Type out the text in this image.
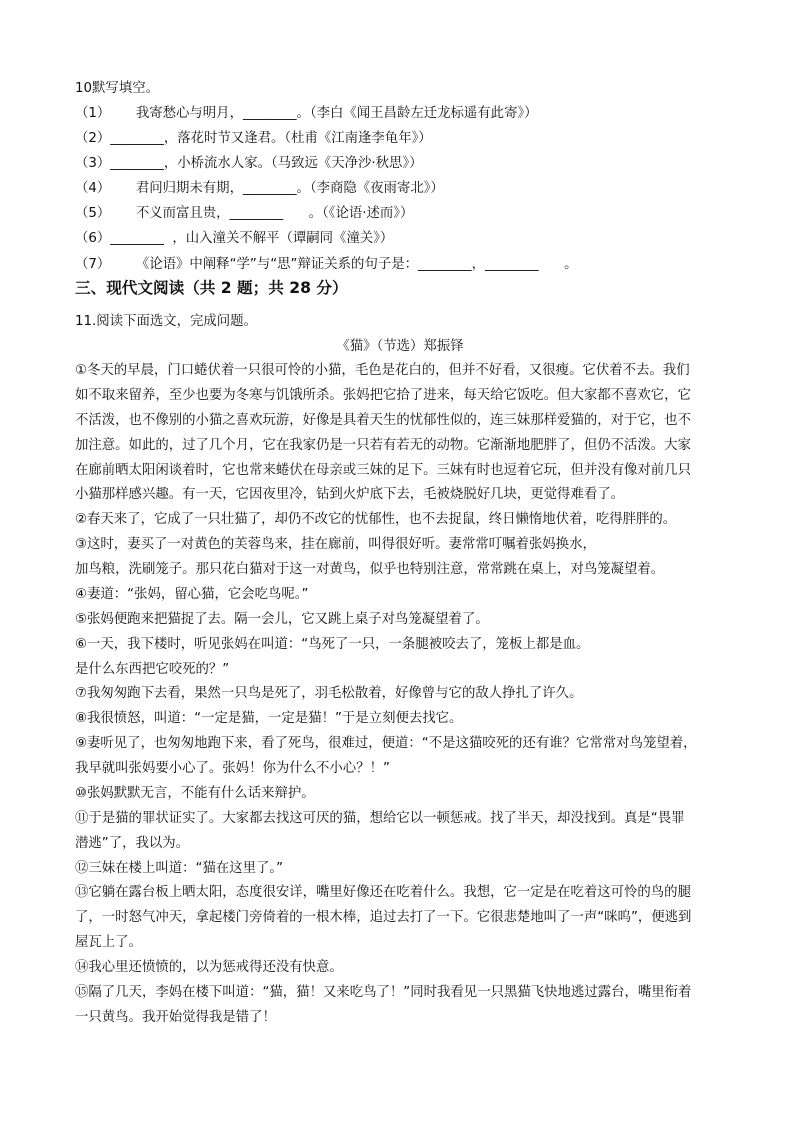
10默写填空。
（1）      我寄愁心与明月，________。（李白《闻王昌龄左迁龙标遥有此寄》）
（2）________，落花时节又逢君。（杜甫《江南逢李龟年》）
（3）________，小桥流水人家。（马致远《天净沙·秋思》）
（4）      君问归期未有期，________。（李商隐《夜雨寄北》）
（5）      不义而富且贵，________      。（《论语·述而》）
（6）________  ，山入潼关不解平（谭嗣同《潼关》）
（7）      《论语》中阐释“学”与“思”辩证关系的句子是：________，________      。
三、现代文阅读（共 2 题；共 28 分）
11.阅读下面选文，完成问题。
《猫》（节选）郑振铎
①冬天的早晨，门口蜷伏着一只很可怜的小猫，毛色是花白的，但并不好看，又很瘦。它伏着不去。我们
如不取来留养，至少也要为冬寒与饥饿所杀。张妈把它拾了进来，每天给它饭吃。但大家都不喜欢它，它
不活泼，也不像别的小猫之喜欢玩游，好像是具着天生的忧郁性似的，连三妹那样爱猫的，对于它，也不
加注意。如此的，过了几个月，它在我家仍是一只若有若无的动物。它渐渐地肥胖了，但仍不活泼。大家
在廊前晒太阳闲谈着时，它也常来蜷伏在母亲或三妹的足下。三妹有时也逗着它玩，但并没有像对前几只
小猫那样感兴趣。有一天，它因夜里冷，钻到火炉底下去，毛被烧脱好几块，更觉得难看了。
②春天来了，它成了一只壮猫了，却仍不改它的忧郁性，也不去捉鼠，终日懒惰地伏着，吃得胖胖的。
③这时，妻买了一对黄色的芙蓉鸟来，挂在廊前，叫得很好听。妻常常叮嘱着张妈换水，
加鸟粮，洗刷笼子。那只花白猫对于这一对黄鸟，似乎也特别注意，常常跳在桌上，对鸟笼凝望着。
④妻道：“张妈，留心猫，它会吃鸟呢。”
⑤张妈便跑来把猫捉了去。隔一会儿，它又跳上桌子对鸟笼凝望着了。
⑥一天，我下楼时，听见张妈在叫道：“鸟死了一只，一条腿被咬去了，笼板上都是血。
是什么东西把它咬死的？”
⑦我匆匆跑下去看，果然一只鸟是死了，羽毛松散着，好像曾与它的敌人挣扎了许久。
⑧我很愤怒，叫道：“一定是猫，一定是猫！”于是立刻便去找它。
⑨妻听见了，也匆匆地跑下来，看了死鸟，很难过，便道：“不是这猫咬死的还有谁？它常常对鸟笼望着，
我早就叫张妈要小心了。张妈！你为什么不小心？！”
⑩张妈默默无言，不能有什么话来辩护。
⑪于是猫的罪状证实了。大家都去找这可厌的猫，想给它以一顿惩戒。找了半天，却没找到。真是“畏罪
潜逃”了，我以为。
⑫三妹在楼上叫道：“猫在这里了。”
⑬它躺在露台板上晒太阳，态度很安详，嘴里好像还在吃着什么。我想，它一定是在吃着这可怜的鸟的腿
了，一时怒气冲天，拿起楼门旁倚着的一根木棒，追过去打了一下。它很悲楚地叫了一声“咪呜”，便逃到
屋瓦上了。
⑭我心里还愤愤的，以为惩戒得还没有快意。
⑮隔了几天，李妈在楼下叫道：“猫，猫！又来吃鸟了！”同时我看见一只黑猫飞快地逃过露台，嘴里衔着
一只黄鸟。我开始觉得我是错了！
